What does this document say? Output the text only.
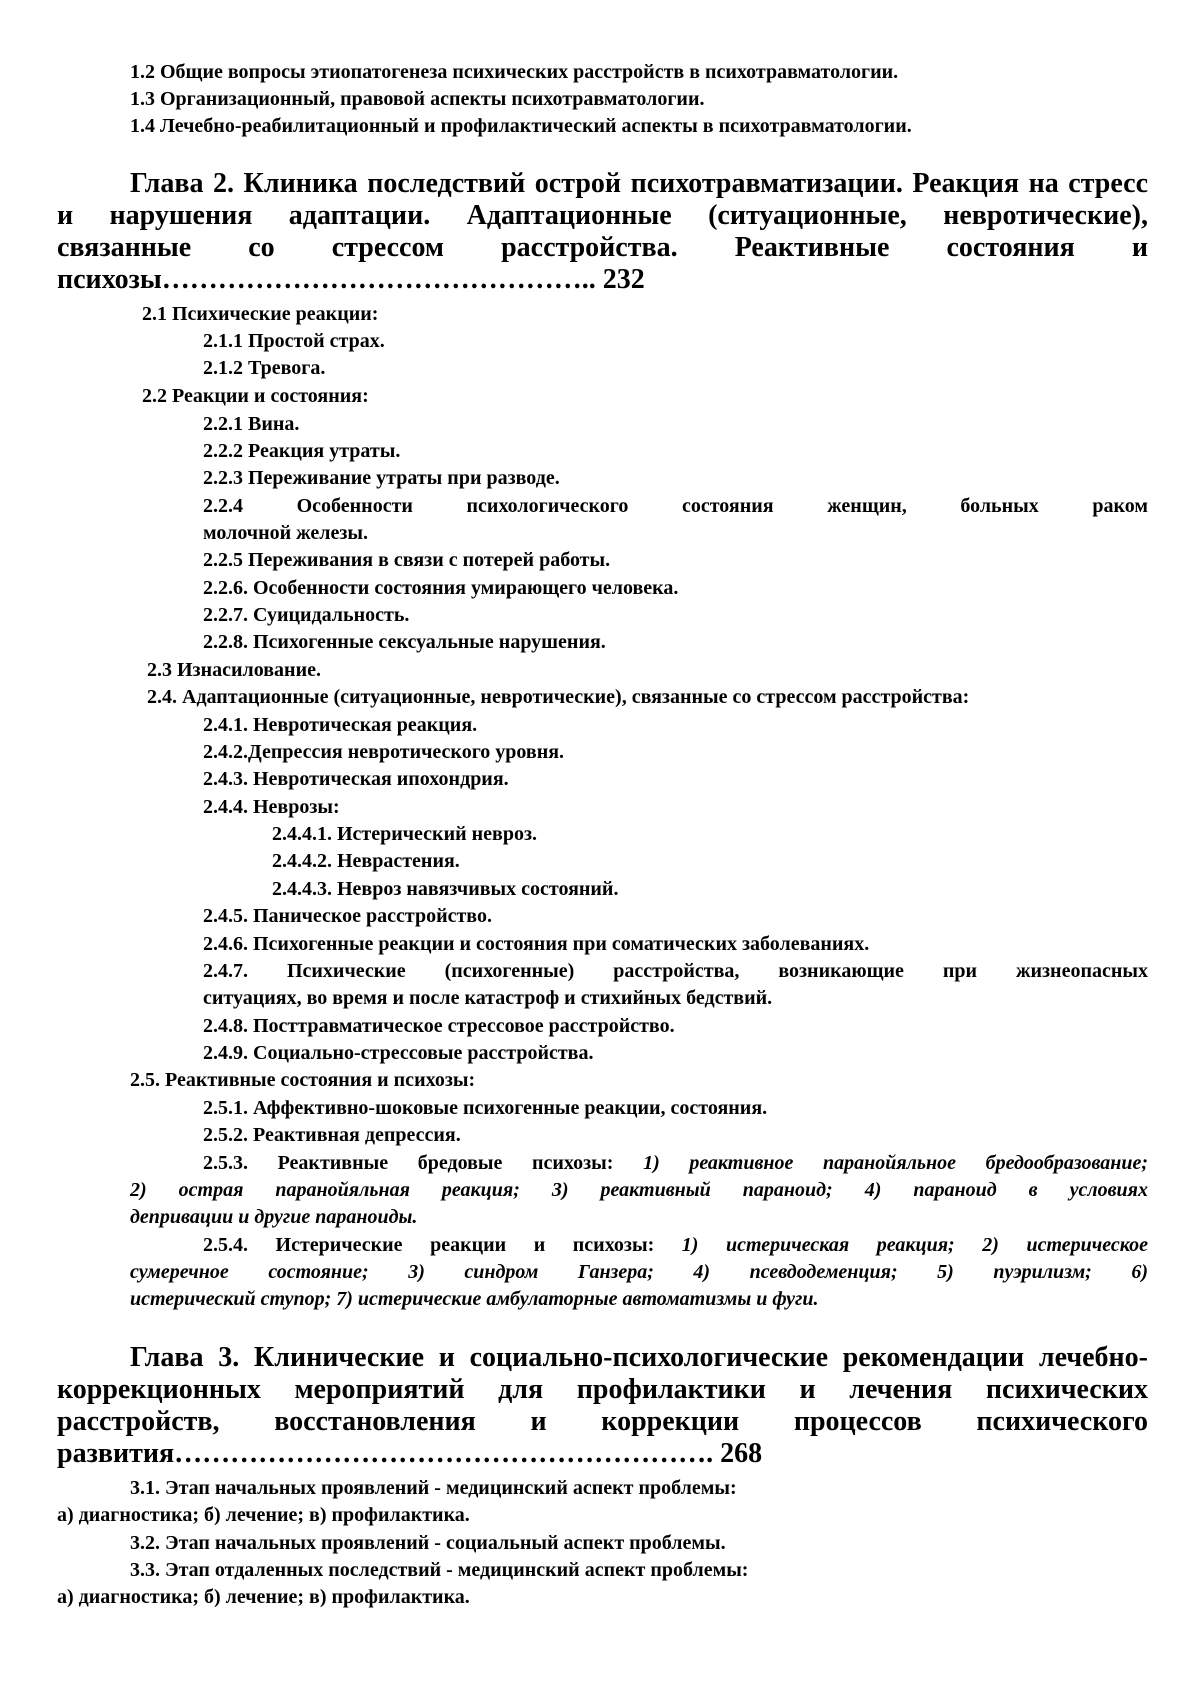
1.2 Общие вопросы этиопатогенеза психических расстройств в психотравматологии.
1.3 Организационный, правовой аспекты психотравматологии.
1.4 Лечебно-реабилитационный и профилактический аспекты в психотравматологии.
Глава 2. Клиника последствий острой психотравматизации. Реакция на стресс
и нарушения адаптации. Адаптационные (ситуационные, невротические),
связанные со стрессом расстройства. Реактивные состояния и
психозы……………………………………….. 232
2.1 Психические реакции:
2.1.1 Простой страх.
2.1.2 Тревога.
2.2 Реакции и состояния:
2.2.1 Вина.
2.2.2 Реакция утраты.
2.2.3 Переживание утраты при разводе.
2.2.4 Особенности психологического состояния женщин, больных раком
молочной железы.
2.2.5 Переживания в связи с потерей работы.
2.2.6. Особенности состояния умирающего человека.
2.2.7. Суицидальность.
2.2.8. Психогенные сексуальные нарушения.
2.3 Изнасилование.
2.4. Адаптационные (ситуационные, невротические), связанные со стрессом расстройства:
2.4.1. Невротическая реакция.
2.4.2.Депрессия невротического уровня.
2.4.3. Невротическая ипохондрия.
2.4.4. Неврозы:
2.4.4.1. Истерический невроз.
2.4.4.2. Неврастения.
2.4.4.3. Невроз навязчивых состояний.
2.4.5. Паническое расстройство.
2.4.6. Психогенные реакции и состояния при соматических заболеваниях.
2.4.7. Психические (психогенные) расстройства, возникающие при жизнеопасных
ситуациях, во время и после катастроф и стихийных бедствий.
2.4.8. Посттравматическое стрессовое расстройство.
2.4.9. Социально-стрессовые расстройства.
2.5. Реактивные состояния и психозы:
2.5.1. Аффективно-шоковые психогенные реакции, состояния.
2.5.2. Реактивная депрессия.
2.5.3. Реактивные бредовые психозы: 1) реактивное паранойяльное бредообразование;
2) острая паранойяльная реакция; 3) реактивный параноид; 4) параноид в условиях
депривации и другие параноиды.
2.5.4. Истерические реакции и психозы: 1) истерическая реакция; 2) истерическое
сумеречное состояние; 3) синдром Ганзера; 4) псевдодеменция; 5) пуэрилизм; 6)
истерический ступор; 7) истерические амбулаторные автоматизмы и фуги.
Глава 3. Клинические и социально-психологические рекомендации лечебно-
коррекционных мероприятий для профилактики и лечения психических
расстройств, восстановления и коррекции процессов психического
развития…………………………………………………. 268
3.1. Этап начальных проявлений - медицинский аспект проблемы:
а) диагностика; б) лечение; в) профилактика.
3.2. Этап начальных проявлений - социальный аспект проблемы.
3.3. Этап отдаленных последствий - медицинский аспект проблемы:
а) диагностика; б) лечение; в) профилактика.
